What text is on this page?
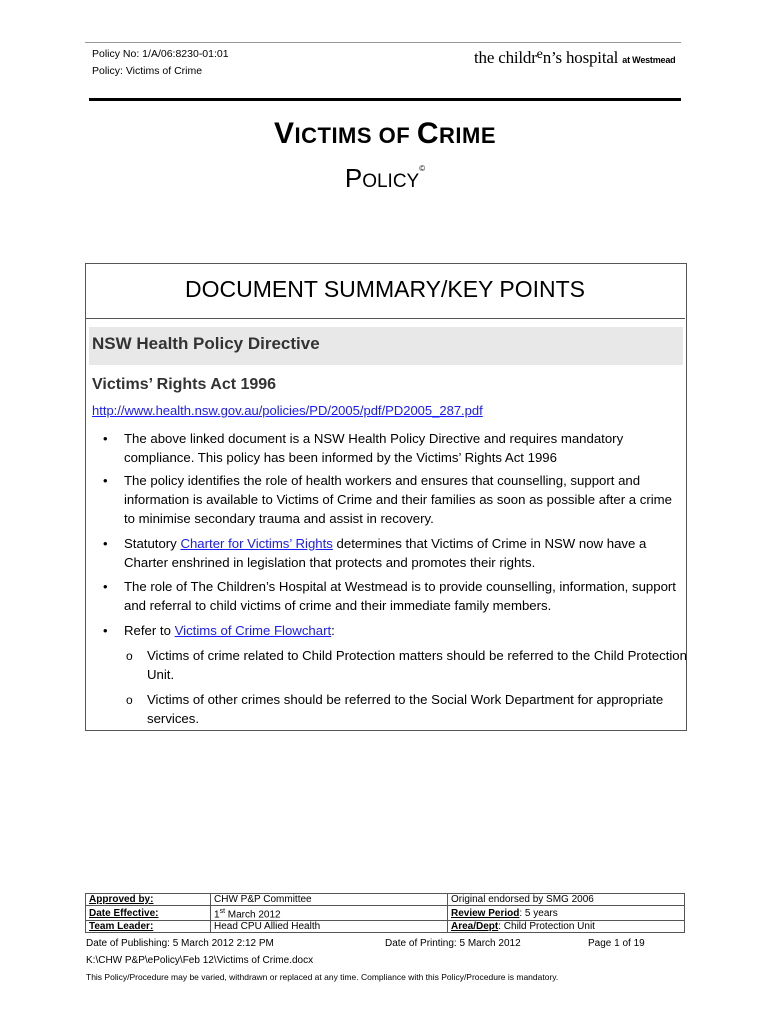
Policy No: 1/A/06:8230-01:01
Policy: Victims of Crime
the childr$^e$n’s hospital at Westmead
VICTIMS OF CRIME
POLICY©
DOCUMENT SUMMARY/KEY POINTS
NSW Health Policy Directive
Victims’ Rights Act 1996
http://www.health.nsw.gov.au/policies/PD/2005/pdf/PD2005_287.pdf
• The above linked document is a NSW Health Policy Directive and requires mandatory compliance. This policy has been informed by the Victims’ Rights Act 1996
• The policy identifies the role of health workers and ensures that counselling, support and information is available to Victims of Crime and their families as soon as possible after a crime to minimise secondary trauma and assist in recovery.
• Statutory Charter for Victims’ Rights determines that Victims of Crime in NSW now have a Charter enshrined in legislation that protects and promotes their rights.
• The role of The Children’s Hospital at Westmead is to provide counselling, information, support and referral to child victims of crime and their immediate family members.
• Refer to Victims of Crime Flowchart:
o Victims of crime related to Child Protection matters should be referred to the Child Protection Unit.
o Victims of other crimes should be referred to the Social Work Department for appropriate services.
Approved by:	CHW P&P Committee	Original endorsed by SMG 2006
Date Effective:	1st March 2012	Review Period: 5 years
Team Leader:	Head CPU Allied Health	Area/Dept: Child Protection Unit
Date of Publishing: 5 March 2012 2:12 PM	Date of Printing: 5 March 2012	Page 1 of 19
K:\CHW P&P\ePolicy\Feb 12\Victims of Crime.docx
This Policy/Procedure may be varied, withdrawn or replaced at any time. Compliance with this Policy/Procedure is mandatory.
